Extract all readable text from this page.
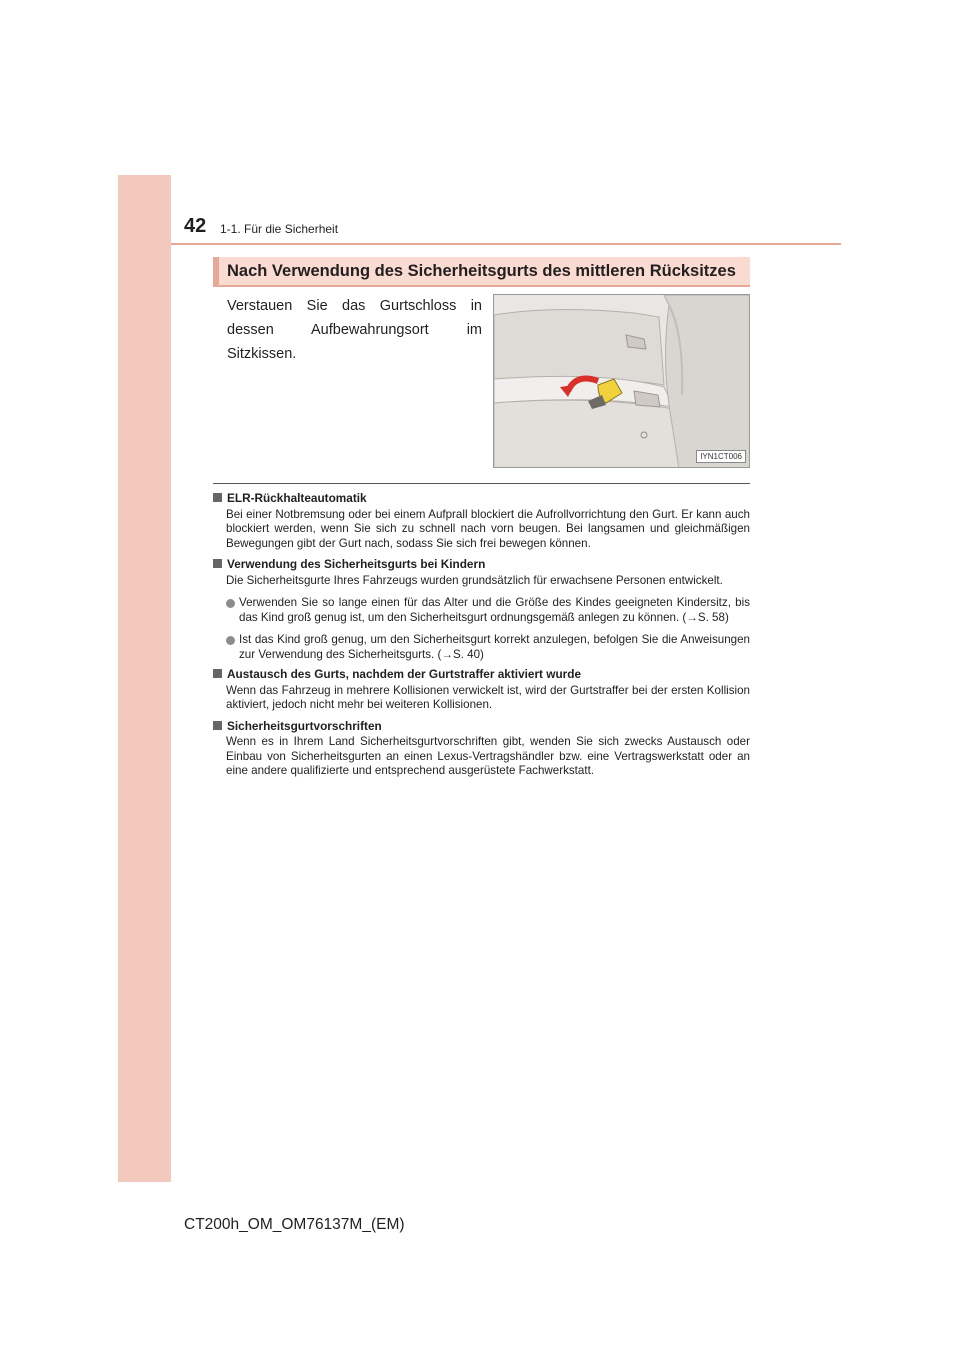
42 1-1. Für die Sicherheit
Nach Verwendung des Sicherheitsgurts des mittleren Rücksitzes
Verstauen Sie das Gurtschloss in dessen Aufbewahrungsort im Sitzkissen.
IYN1CT006
ELR-Rückhalteautomatik
Bei einer Notbremsung oder bei einem Aufprall blockiert die Aufrollvorrichtung den Gurt. Er kann auch blockiert werden, wenn Sie sich zu schnell nach vorn beugen. Bei langsamen und gleichmäßigen Bewegungen gibt der Gurt nach, sodass Sie sich frei bewegen können.
Verwendung des Sicherheitsgurts bei Kindern
Die Sicherheitsgurte Ihres Fahrzeugs wurden grundsätzlich für erwachsene Personen entwickelt.
Verwenden Sie so lange einen für das Alter und die Größe des Kindes geeigneten Kindersitz, bis das Kind groß genug ist, um den Sicherheitsgurt ordnungsgemäß anlegen zu können. (→S. 58)
Ist das Kind groß genug, um den Sicherheitsgurt korrekt anzulegen, befolgen Sie die Anweisungen zur Verwendung des Sicherheitsgurts. (→S. 40)
Austausch des Gurts, nachdem der Gurtstraffer aktiviert wurde
Wenn das Fahrzeug in mehrere Kollisionen verwickelt ist, wird der Gurtstraffer bei der ersten Kollision aktiviert, jedoch nicht mehr bei weiteren Kollisionen.
Sicherheitsgurtvorschriften
Wenn es in Ihrem Land Sicherheitsgurtvorschriften gibt, wenden Sie sich zwecks Austausch oder Einbau von Sicherheitsgurten an einen Lexus-Vertragshändler bzw. eine Vertragswerkstatt oder an eine andere qualifizierte und entsprechend ausgerüstete Fachwerkstatt.
CT200h_OM_OM76137M_(EM)
